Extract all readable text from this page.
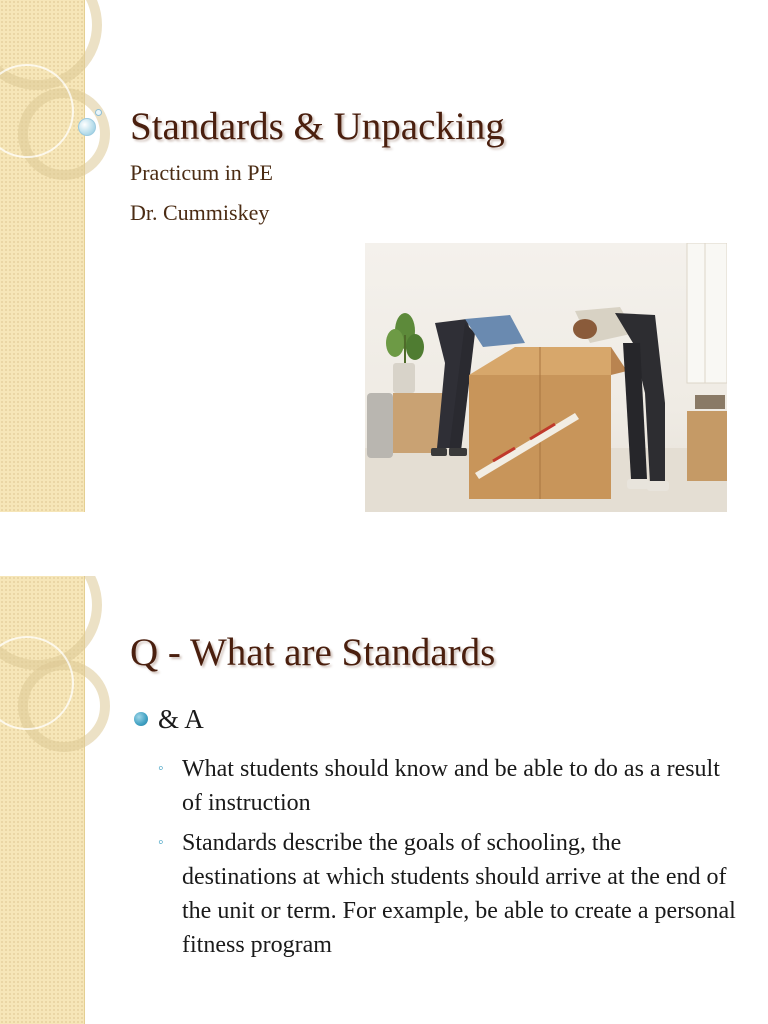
Standards & Unpacking
Practicum in PE
Dr. Cummiskey
Q - What are Standards
& A
◦ What students should know and be able to do as a result of instruction
◦ Standards describe the goals of schooling, the destinations at which students should arrive at the end of the unit or term. For example, be able to create a personal fitness program
